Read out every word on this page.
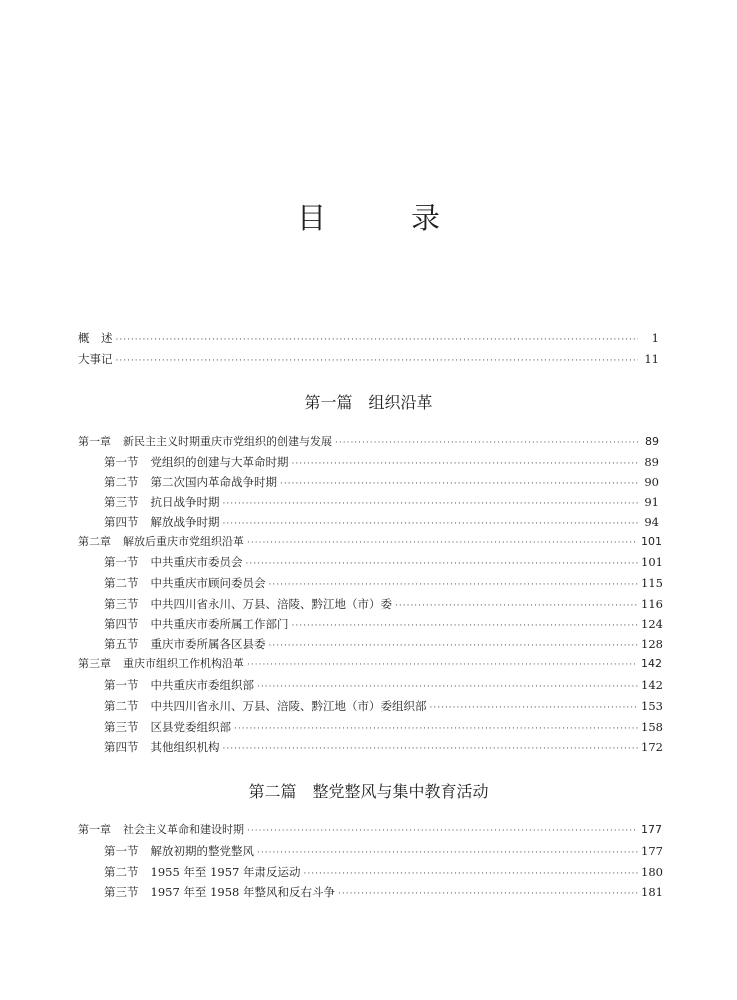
目　录
概　述 ·····	1
大事记 ·····	11
第一篇　组织沿革
第一章 新民主主义时期重庆市党组织的创建与发展 ·····	89
第一节 党组织的创建与大革命时期 ·····	89
第二节 第二次国内革命战争时期 ·····	90
第三节 抗日战争时期 ·····	91
第四节 解放战争时期 ·····	94
第二章 解放后重庆市党组织沿革 ·····	101
第一节 中共重庆市委员会 ·····	101
第二节 中共重庆市顾问委员会 ·····	115
第三节 中共四川省永川、万县、涪陵、黔江地（市）委 ·····	116
第四节 中共重庆市委所属工作部门 ·····	124
第五节 重庆市委所属各区县委 ·····	128
第三章 重庆市组织工作机构沿革 ·····	142
第一节 中共重庆市委组织部 ·····	142
第二节 中共四川省永川、万县、涪陵、黔江地（市）委组织部 ·····	153
第三节 区县党委组织部 ·····	158
第四节 其他组织机构 ·····	172
第二篇　整党整风与集中教育活动
第一章 社会主义革命和建设时期 ·····	177
第一节 解放初期的整党整风 ·····	177
第二节 1955 年至 1957 年肃反运动 ·····	180
第三节 1957 年至 1958 年整风和反右斗争 ·····	181
